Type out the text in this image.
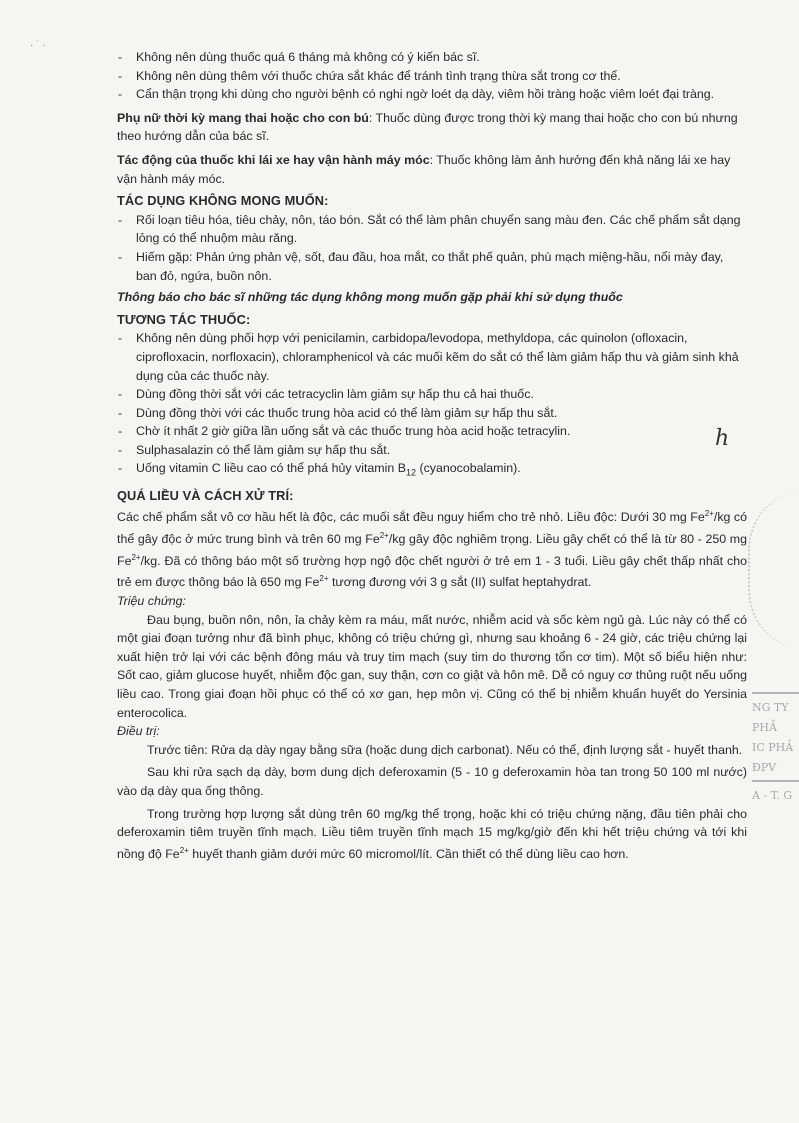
· ˙ ·
- Không nên dùng thuốc quá 6 tháng mà không có ý kiến bác sĩ.
- Không nên dùng thêm với thuốc chứa sắt khác để tránh tình trạng thừa sắt trong cơ thể.
- Cẩn thận trọng khi dùng cho người bệnh có nghi ngờ loét dạ dày, viêm hồi tràng hoặc viêm loét đại tràng.

Phụ nữ thời kỳ mang thai hoặc cho con bú: Thuốc dùng được trong thời kỳ mang thai hoặc cho con bú nhưng theo hướng dẫn của bác sĩ.

Tác động của thuốc khi lái xe hay vận hành máy móc: Thuốc không làm ảnh hưởng đến khả năng lái xe hay vận hành máy móc.

TÁC DỤNG KHÔNG MONG MUỐN:
- Rối loạn tiêu hóa, tiêu chảy, nôn, táo bón. Sắt có thể làm phân chuyển sang màu đen. Các chế phẩm sắt dạng lỏng có thể nhuộm màu răng.
- Hiếm gặp: Phản ứng phản vệ, sốt, đau đầu, hoa mắt, co thắt phế quản, phù mạch miệng-hầu, nổi mày đay, ban đỏ, ngứa, buồn nôn.
Thông báo cho bác sĩ những tác dụng không mong muốn gặp phải khi sử dụng thuốc
TƯƠNG TÁC THUỐC:
- Không nên dùng phối hợp với penicilamin, carbidopa/levodopa, methyldopa, các quinolon (ofloxacin, ciprofloxacin, norfloxacin), chloramphenicol và các muối kẽm do sắt có thể làm giảm hấp thu và giảm sinh khả dụng của các thuốc này.
- Dùng đồng thời sắt với các tetracyclin làm giảm sự hấp thu cả hai thuốc.
- Dùng đồng thời với các thuốc trung hòa acid có thể làm giảm sự hấp thu sắt.
- Chờ ít nhất 2 giờ giữa lần uống sắt và các thuốc trung hòa acid hoặc tetracylin.
- Sulphasalazin có thể làm giảm sự hấp thu sắt.
- Uống vitamin C liều cao có thể phá hủy vitamin $B_{12}$ (cyanocobalamin).
QUÁ LIỀU VÀ CÁCH XỬ TRÍ:

Các chế phẩm sắt vô cơ hầu hết là độc, các muối sắt đều nguy hiểm cho trẻ nhỏ. Liều độc: Dưới 30 mg $Fe^{2+}/kg$ có thể gây độc ở mức trung bình và trên 60 mg $Fe^{2+}/kg$ gây độc nghiêm trọng. Liều gây chết có thể là từ 80 - 250 mg $Fe^{2+}/kg$. Đã có thông báo một số trường hợp ngộ độc chết người ở trẻ em 1 - 3 tuổi. Liều gây chết thấp nhất cho trẻ em được thông báo là 650 mg $Fe^{2+}$ tương đương với 3 g sắt (II) sulfat heptahydrat.

Triệu chứng:

Đau bụng, buồn nôn, nôn, ỉa chảy kèm ra máu, mất nước, nhiễm acid và sốc kèm ngủ gà. Lúc này có thể có một giai đoạn tưởng như đã bình phục, không có triệu chứng gì, nhưng sau khoảng 6 - 24 giờ, các triệu chứng lại xuất hiện trở lại với các bệnh đông máu và truy tim mạch (suy tim do thương tổn cơ tim). Một số biểu hiện như: Sốt cao, giảm glucose huyết, nhiễm độc gan, suy thận, cơn co giật và hôn mê. Dễ có nguy cơ thủng ruột nếu uống liều cao. Trong giai đoạn hồi phục có thể có xơ gan, hẹp môn vị. Cũng có thể bị nhiễm khuẩn huyết do Yersinia enterocolica.

Điều trị:

Trước tiên: Rửa dạ dày ngay bằng sữa (hoặc dung dịch carbonat). Nếu có thể, định lượng sắt - huyết thanh.

Sau khi rửa sạch dạ dày, bơm dung dịch deferoxamin (5 - 10 g deferoxamin hòa tan trong 50 100 ml nước) vào dạ dày qua ống thông.

Trong trường hợp lượng sắt dùng trên 60 mg/kg thể trọng, hoặc khi có triệu chứng nặng, đầu tiên phải cho deferoxamin tiêm truyền tĩnh mạch. Liều tiêm truyền tĩnh mạch 15 mg/kg/giờ đến khi hết triệu chứng và tới khi nồng độ $Fe^{2+}$ huyết thanh giảm dưới mức 60 micromol/lít. Cần thiết có thể dùng liều cao hơn.

h
NG TY
PHẦ
IC PHẢ
ĐPV
A - T. G
